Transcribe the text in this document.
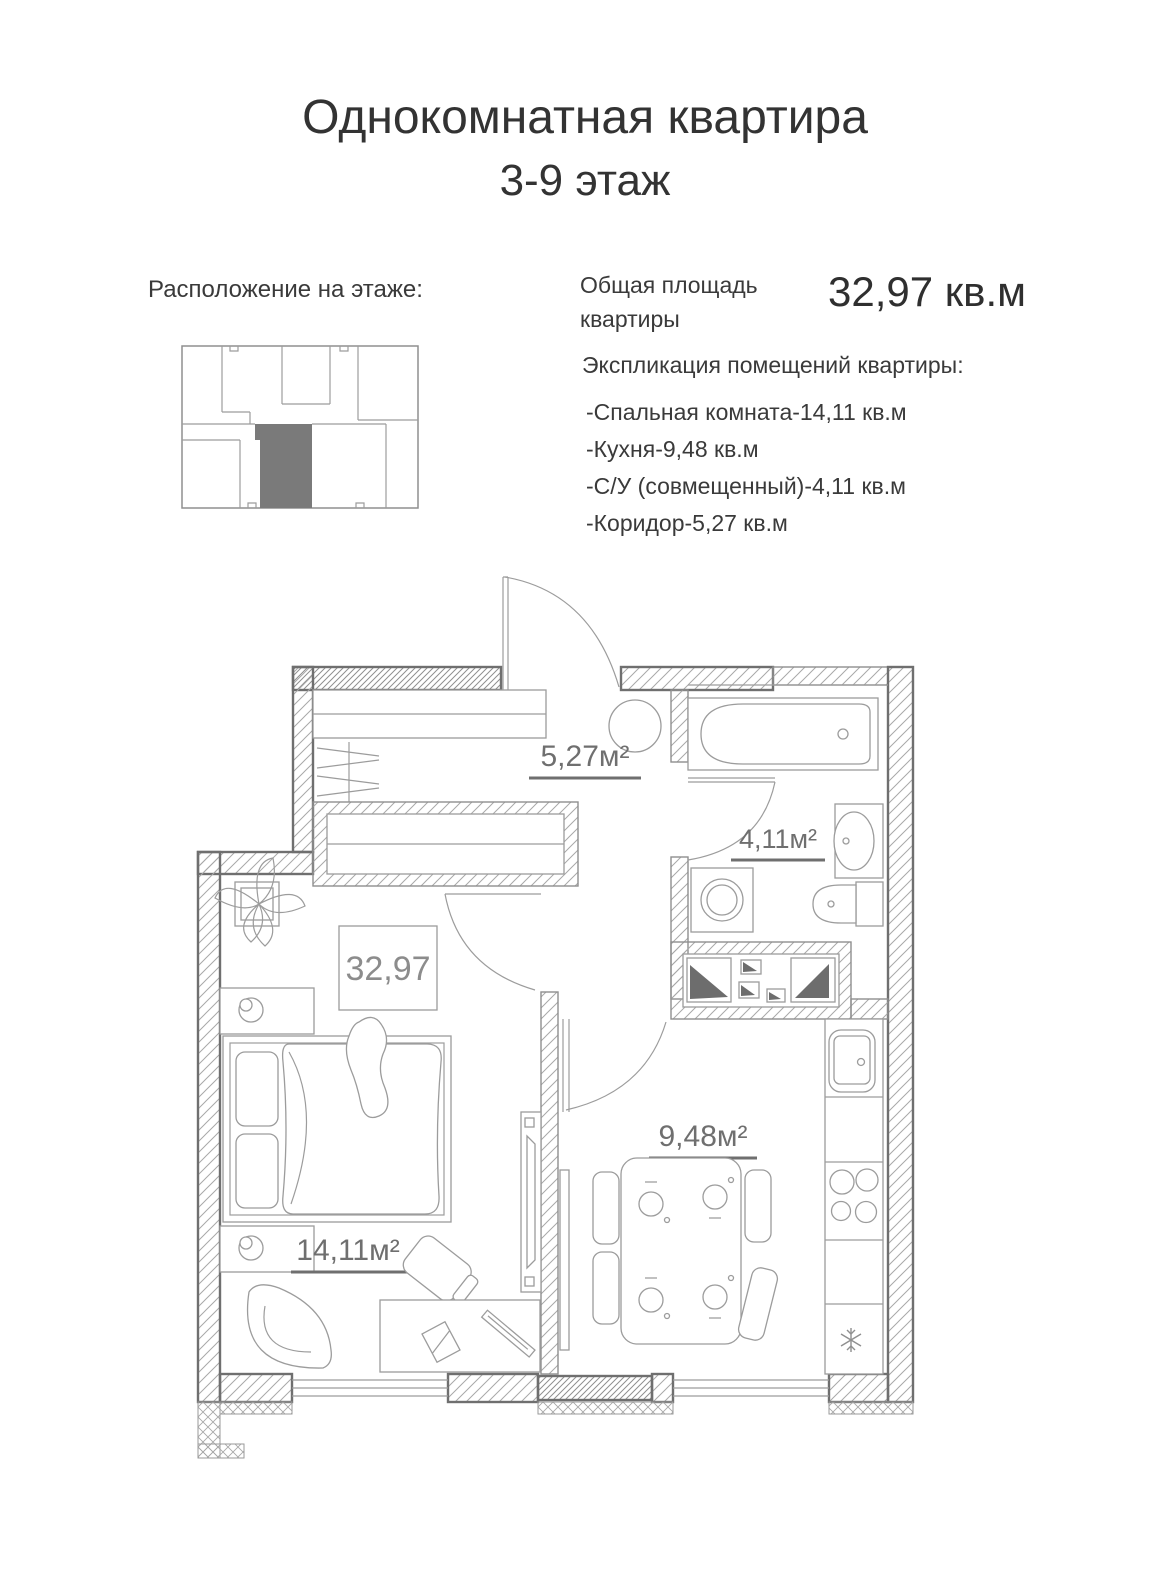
Однокомнатная квартира
3-9 этаж
Расположение на этаже:	Общая площадь
квартиры
32,97 кв.м
Экспликация помещений квартиры:
-Спальная комната-14,11 кв.м
-Кухня-9,48 кв.м
-С/У (совмещенный)-4,11 кв.м
-Коридор-5,27 кв.м
5,27м²
32,97
4,11м²
14,11м²
9,48м²
